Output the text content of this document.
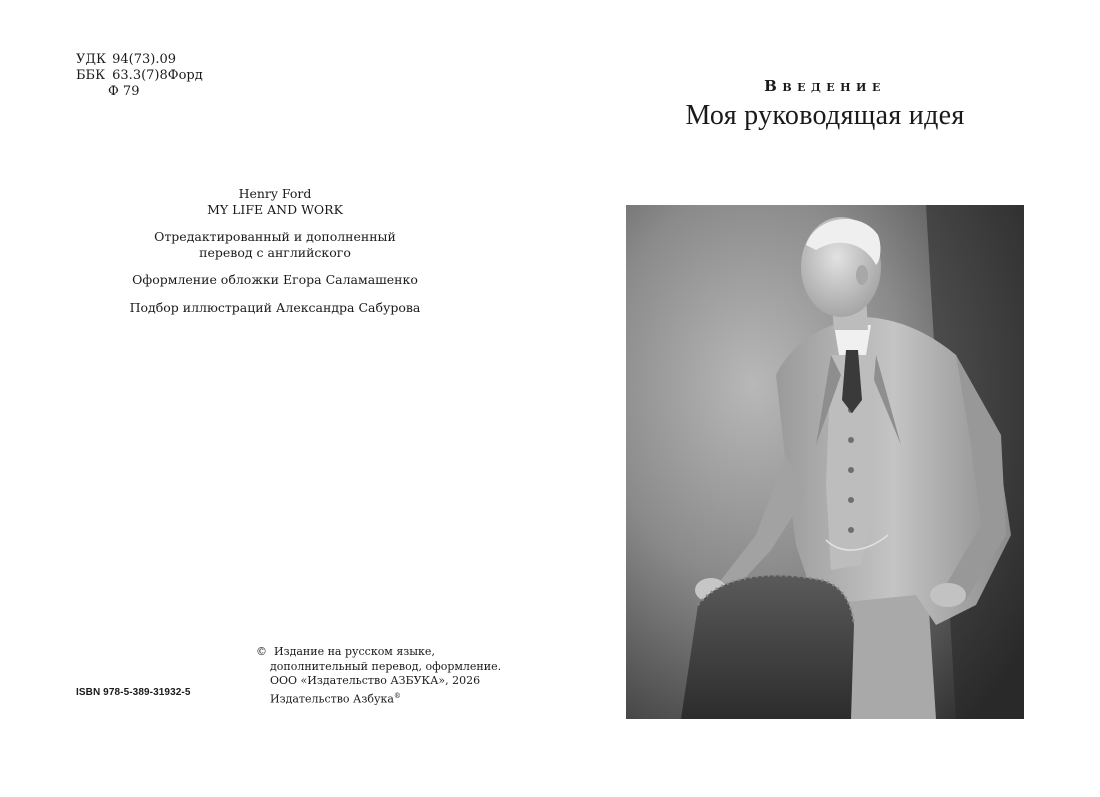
УДК 94(73).09
ББК 63.3(7)8Форд
Ф 79
Henry Ford
MY LIFE AND WORK
Отредактированный и дополненный
перевод с английского
Оформление обложки Егора Саламашенко
Подбор иллюстраций Александра Сабурова
ISBN 978-5-389-31932-5
© Издание на русском языке,
дополнительный перевод, оформление.
ООО «Издательство АЗБУКА», 2026
Издательство Азбука®
Введение
Моя руководящая идея
